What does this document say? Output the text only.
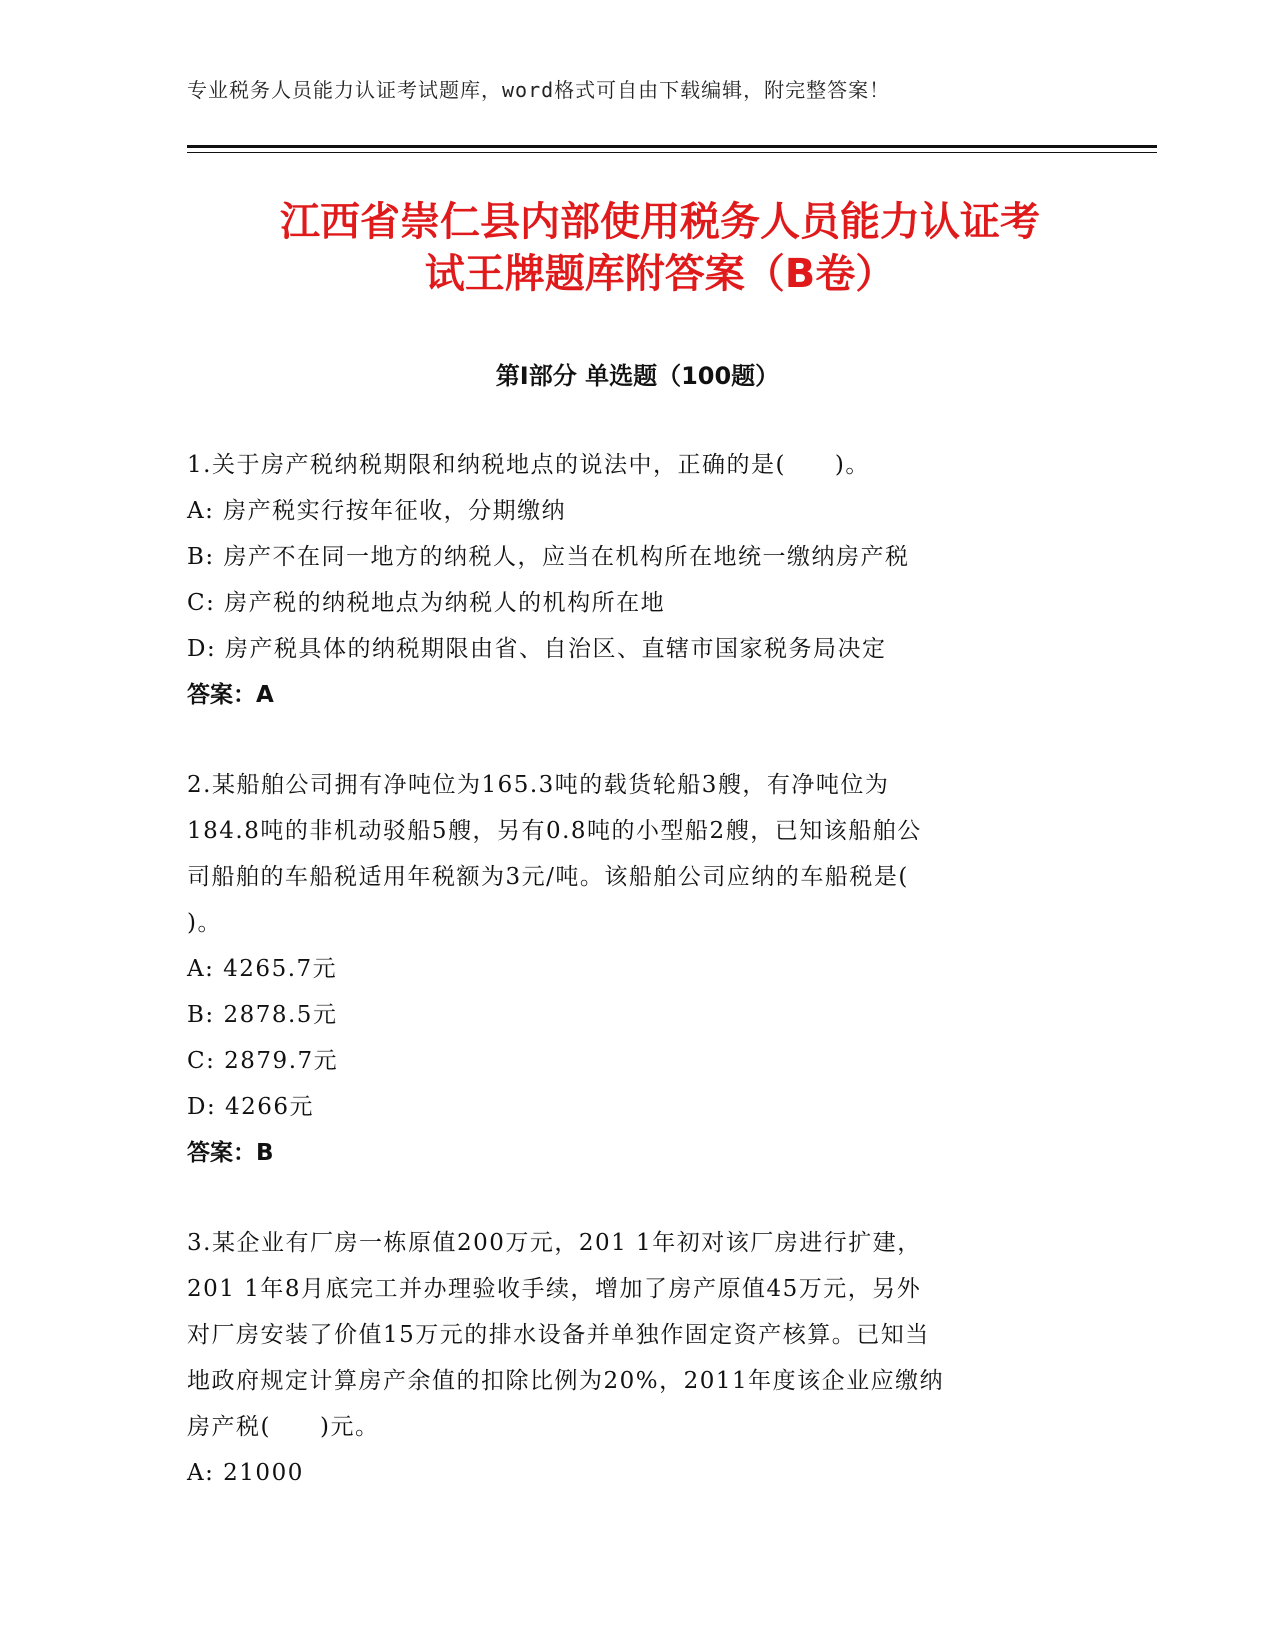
专业税务人员能力认证考试题库，word格式可自由下载编辑，附完整答案！
江西省崇仁县内部使用税务人员能力认证考
试王牌题库附答案（B卷）
第Ⅰ部分 单选题（100题）
1.关于房产税纳税期限和纳税地点的说法中，正确的是(　　)。
A: 房产税实行按年征收，分期缴纳
B: 房产不在同一地方的纳税人，应当在机构所在地统一缴纳房产税
C: 房产税的纳税地点为纳税人的机构所在地
D: 房产税具体的纳税期限由省、自治区、直辖市国家税务局决定
答案：A
2.某船舶公司拥有净吨位为165.3吨的载货轮船3艘，有净吨位为
184.8吨的非机动驳船5艘，另有0.8吨的小型船2艘，已知该船舶公
司船舶的车船税适用年税额为3元/吨。该船舶公司应纳的车船税是(
)。
A: 4265.7元
B: 2878.5元
C: 2879.7元
D: 4266元
答案：B
3.某企业有厂房一栋原值200万元，201 1年初对该厂房进行扩建，
201 1年8月底完工并办理验收手续，增加了房产原值45万元，另外
对厂房安装了价值15万元的排水设备并单独作固定资产核算。已知当
地政府规定计算房产余值的扣除比例为20%，2011年度该企业应缴纳
房产税(　　)元。
A: 21000
